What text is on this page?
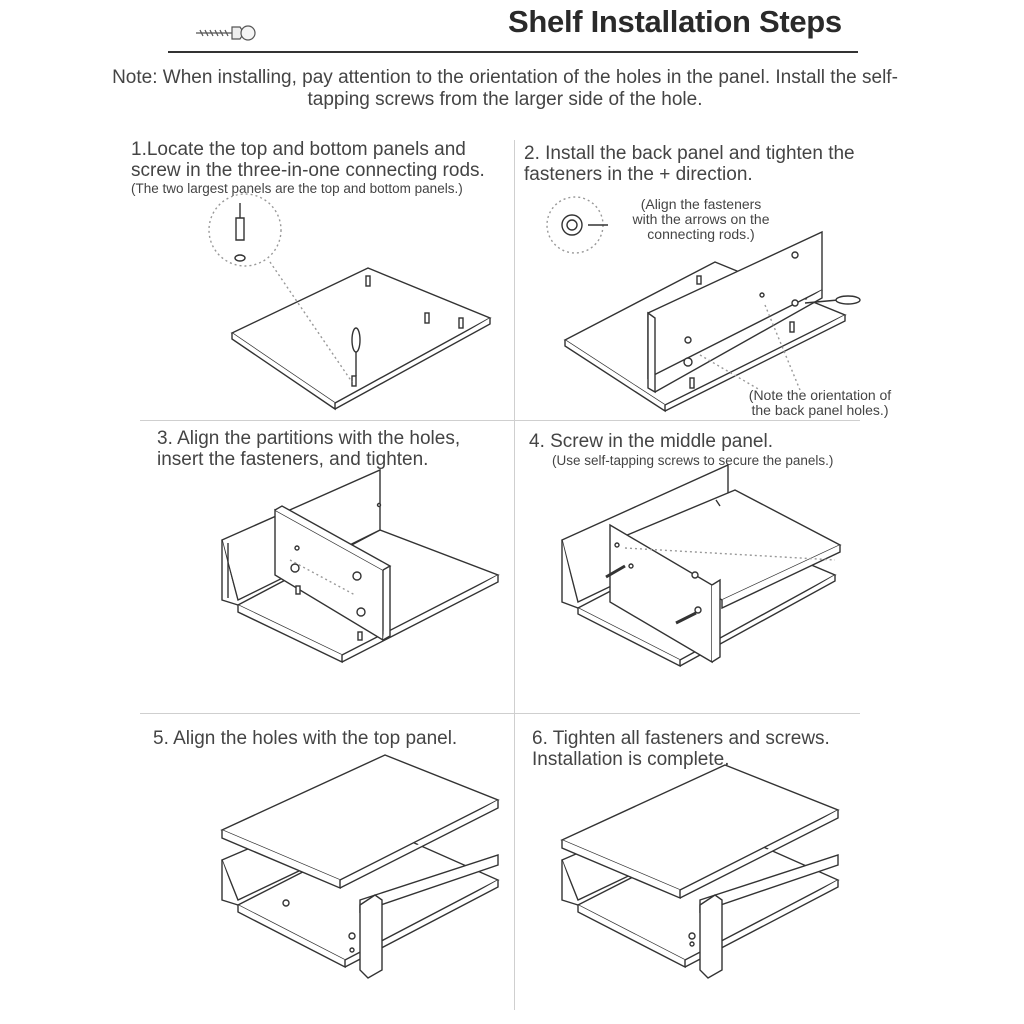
Shelf Installation Steps
Note: When installing, pay attention to the orientation of the holes in the panel. Install the self-tapping screws from the larger side of the hole.
1.Locate the top and bottom panels and
screw in the three-in-one connecting rods.
(The two largest panels are the top and bottom panels.)
2. Install the back panel and tighten the
fasteners in the + direction.
(Align the fasteners
with the arrows on the
connecting rods.)
(Note the orientation of
the back panel holes.)
3. Align the partitions with the holes,
insert the fasteners, and tighten.
4. Screw in the middle panel.
(Use self-tapping screws to secure the panels.)
5. Align the holes with the top panel.	6. Tighten all fasteners and screws.
Installation is complete.
